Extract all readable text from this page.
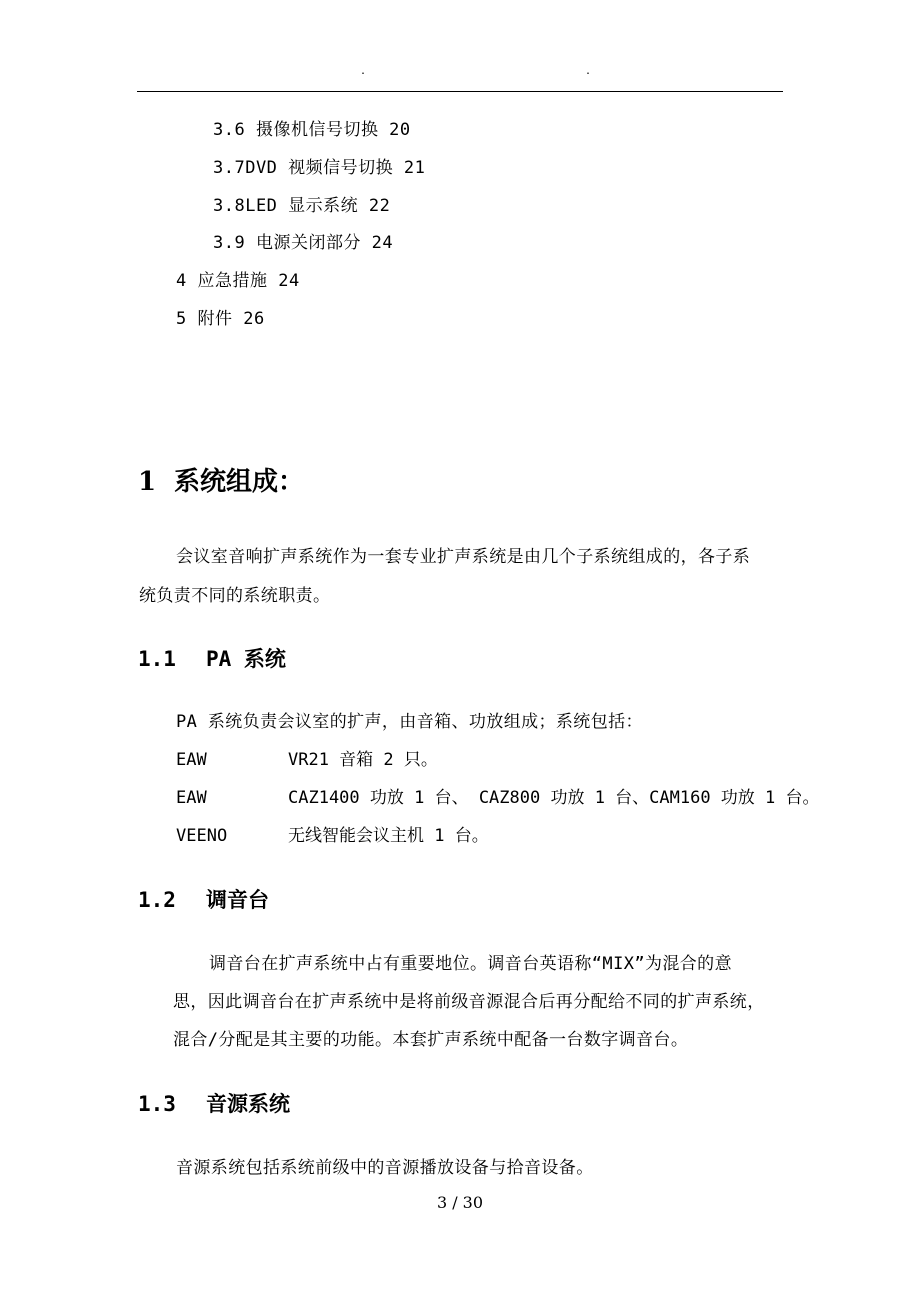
.	.
3.6 摄像机信号切换 20
3.7DVD 视频信号切换 21
3.8LED 显示系统 22
3.9 电源关闭部分 24
4 应急措施 24
5 附件 26
1 系统组成：
会议室音响扩声系统作为一套专业扩声系统是由几个子系统组成的，各子系
统负责不同的系统职责。
1.1 PA 系统
PA 系统负责会议室的扩声，由音箱、功放组成；系统包括：
EAW	VR21 音箱 2 只。
EAW	CAZ1400 功放 1 台、 CAZ800 功放 1 台、CAM160 功放 1 台。
VEENO	无线智能会议主机 1 台。
1.2 调音台
调音台在扩声系统中占有重要地位。调音台英语称“MIX”为混合的意
思，因此调音台在扩声系统中是将前级音源混合后再分配给不同的扩声系统，
混合/分配是其主要的功能。本套扩声系统中配备一台数字调音台。
1.3 音源系统
音源系统包括系统前级中的音源播放设备与拾音设备。
3 / 30
